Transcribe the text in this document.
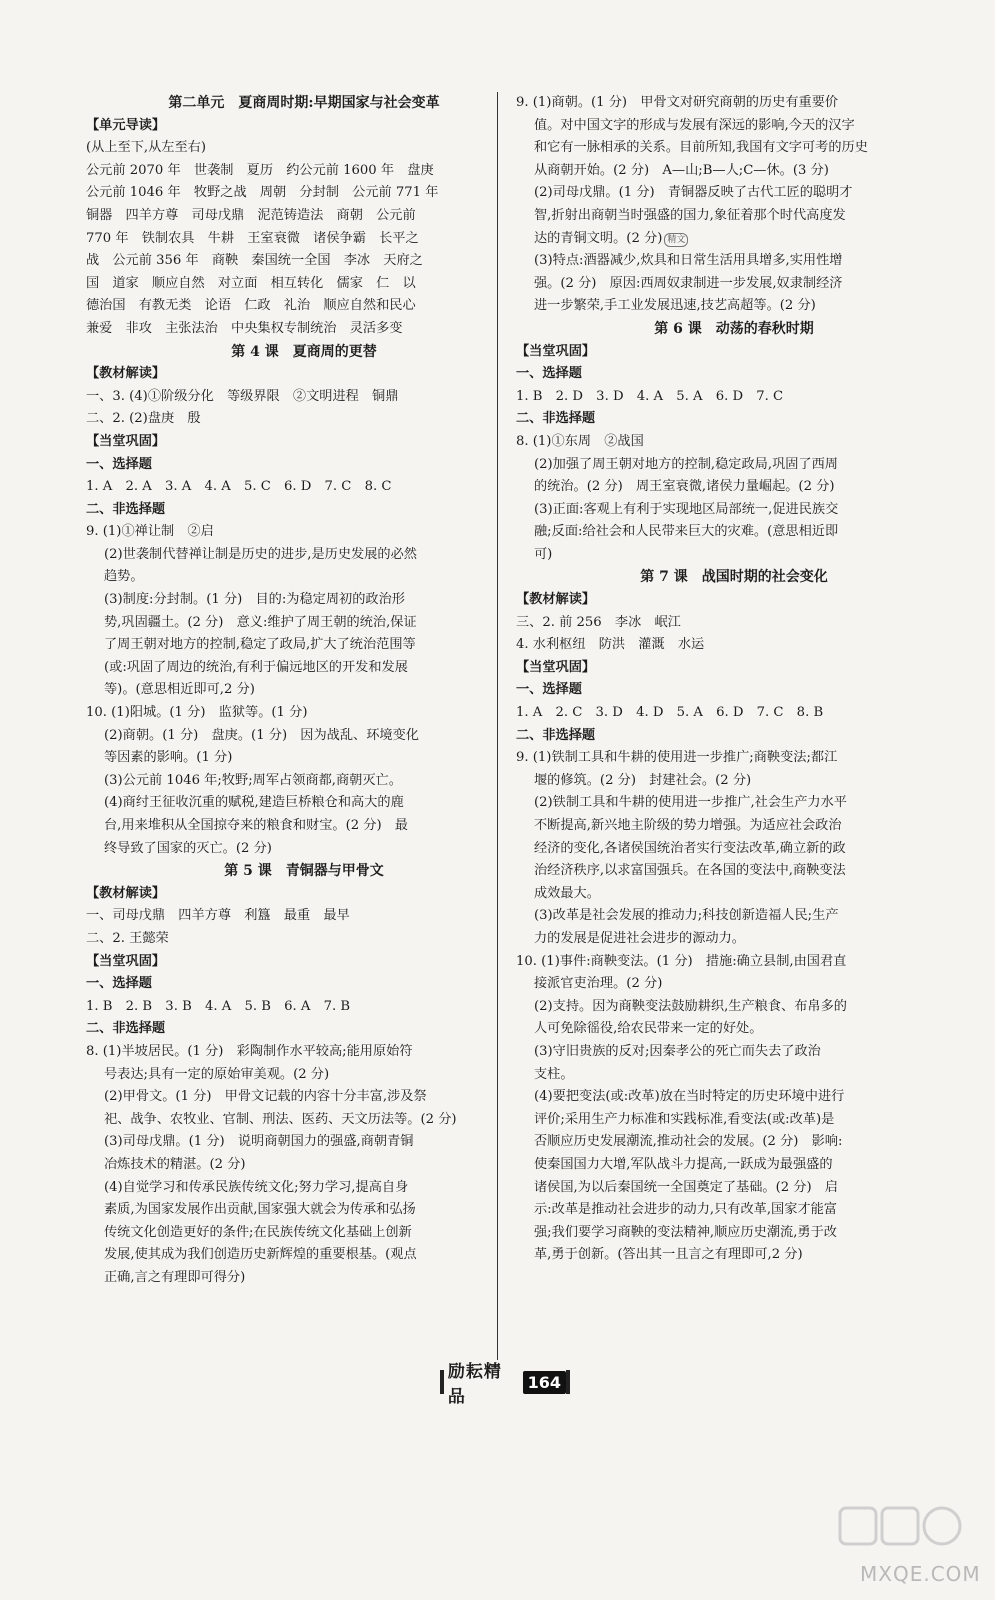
第二单元　夏商周时期:早期国家与社会变革

【单元导读】

(从上至下,从左至右)

公元前 2070 年　世袭制　夏历　约公元前 1600 年　盘庚

公元前 1046 年　牧野之战　周朝　分封制　公元前 771 年

铜器　四羊方尊　司母戊鼎　泥范铸造法　商朝　公元前

770 年　铁制农具　牛耕　王室衰微　诸侯争霸　长平之

战　公元前 356 年　商鞅　秦国统一全国　李冰　天府之

国　道家　顺应自然　对立面　相互转化　儒家　仁　以

德治国　有教无类　论语　仁政　礼治　顺应自然和民心

兼爱　非攻　主张法治　中央集权专制统治　灵活多变

第 4 课　夏商周的更替

【教材解读】

一、3. (4)①阶级分化　等级界限　②文明进程　铜鼎

二、2. (2)盘庚　殷

【当堂巩固】

一、选择题

1. A　2. A　3. A　4. A　5. C　6. D　7. C　8. C

二、非选择题

9. (1)①禅让制　②启

(2)世袭制代替禅让制是历史的进步,是历史发展的必然

趋势。

(3)制度:分封制。(1 分)　目的:为稳定周初的政治形

势,巩固疆土。(2 分)　意义:维护了周王朝的统治,保证

了周王朝对地方的控制,稳定了政局,扩大了统治范围等

(或:巩固了周边的统治,有利于偏远地区的开发和发展

等)。(意思相近即可,2 分)

10. (1)阳城。(1 分)　监狱等。(1 分)

(2)商朝。(1 分)　盘庚。(1 分)　因为战乱、环境变化

等因素的影响。(1 分)

(3)公元前 1046 年;牧野;周军占领商都,商朝灭亡。

(4)商纣王征收沉重的赋税,建造巨桥粮仓和高大的鹿

台,用来堆积从全国掠夺来的粮食和财宝。(2 分)　最

终导致了国家的灭亡。(2 分)

第 5 课　青铜器与甲骨文

【教材解读】

一、司母戊鼎　四羊方尊　利簋　最重　最早

二、2. 王懿荣

【当堂巩固】

一、选择题

1. B　2. B　3. B　4. A　5. B　6. A　7. B

二、非选择题

8. (1)半坡居民。(1 分)　彩陶制作水平较高;能用原始符

号表达;具有一定的原始审美观。(2 分)

(2)甲骨文。(1 分)　甲骨文记载的内容十分丰富,涉及祭

祀、战争、农牧业、官制、刑法、医药、天文历法等。(2 分)

(3)司母戊鼎。(1 分)　说明商朝国力的强盛,商朝青铜

冶炼技术的精湛。(2 分)

(4)自觉学习和传承民族传统文化;努力学习,提高自身

素质,为国家发展作出贡献,国家强大就会为传承和弘扬

传统文化创造更好的条件;在民族传统文化基础上创新

发展,使其成为我们创造历史新辉煌的重要根基。(观点

正确,言之有理即可得分)

9. (1)商朝。(1 分)　甲骨文对研究商朝的历史有重要价

值。对中国文字的形成与发展有深远的影响,今天的汉字

和它有一脉相承的关系。目前所知,我国有文字可考的历史

从商朝开始。(2 分)　A—山;B—人;C—休。(3 分)

(2)司母戊鼎。(1 分)　青铜器反映了古代工匠的聪明才

智,折射出商朝当时强盛的国力,象征着那个时代高度发

达的青铜文明。(2 分) 精文

(3)特点:酒器减少,炊具和日常生活用具增多,实用性增

强。(2 分)　原因:西周奴隶制进一步发展,奴隶制经济

进一步繁荣,手工业发展迅速,技艺高超等。(2 分)

第 6 课　动荡的春秋时期

【当堂巩固】

一、选择题

1. B　2. D　3. D　4. A　5. A　6. D　7. C

二、非选择题

8. (1)①东周　②战国

(2)加强了周王朝对地方的控制,稳定政局,巩固了西周

的统治。(2 分)　周王室衰微,诸侯力量崛起。(2 分)

(3)正面:客观上有利于实现地区局部统一,促进民族交

融;反面:给社会和人民带来巨大的灾难。(意思相近即

可)

第 7 课　战国时期的社会变化

【教材解读】

三、2. 前 256　李冰　岷江

4. 水利枢纽　防洪　灌溉　水运

【当堂巩固】

一、选择题

1. A　2. C　3. D　4. D　5. A　6. D　7. C　8. B

二、非选择题

9. (1)铁制工具和牛耕的使用进一步推广;商鞅变法;都江

堰的修筑。(2 分)　封建社会。(2 分)

(2)铁制工具和牛耕的使用进一步推广,社会生产力水平

不断提高,新兴地主阶级的势力增强。为适应社会政治

经济的变化,各诸侯国统治者实行变法改革,确立新的政

治经济秩序,以求富国强兵。在各国的变法中,商鞅变法

成效最大。

(3)改革是社会发展的推动力;科技创新造福人民;生产

力的发展是促进社会进步的源动力。

10. (1)事件:商鞅变法。(1 分)　措施:确立县制,由国君直

接派官吏治理。(2 分)

(2)支持。因为商鞅变法鼓励耕织,生产粮食、布帛多的

人可免除徭役,给农民带来一定的好处。

(3)守旧贵族的反对;因秦孝公的死亡而失去了政治

支柱。

(4)要把变法(或:改革)放在当时特定的历史环境中进行

评价;采用生产力标准和实践标准,看变法(或:改革)是

否顺应历史发展潮流,推动社会的发展。(2 分)　影响:

使秦国国力大增,军队战斗力提高,一跃成为最强盛的

诸侯国,为以后秦国统一全国奠定了基础。(2 分)　启

示:改革是推动社会进步的动力,只有改革,国家才能富

强;我们要学习商鞅的变法精神,顺应历史潮流,勇于改

革,勇于创新。(答出其一且言之有理即可,2 分)

励耘精品
164
MXQE.COM
